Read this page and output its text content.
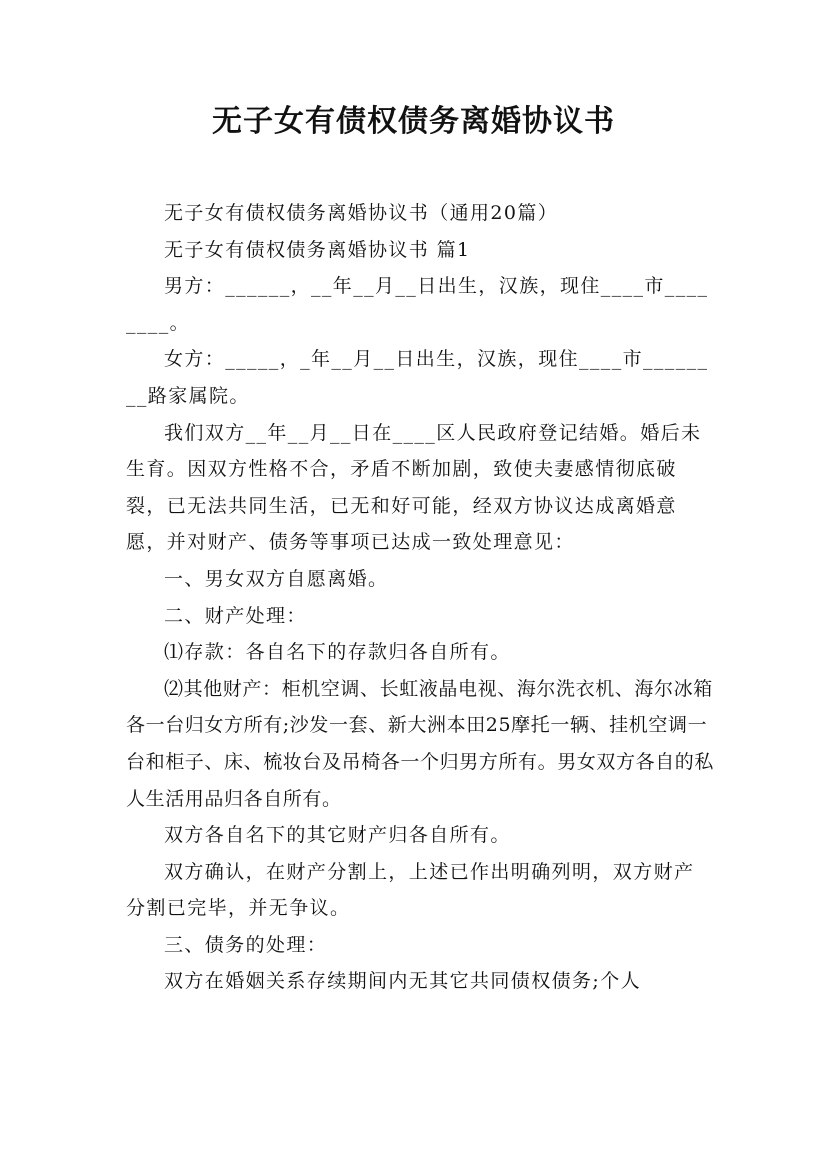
无子女有债权债务离婚协议书

无子女有债权债务离婚协议书（通用20篇）

无子女有债权债务离婚协议书 篇1

男方：______，__年__月__日出生，汉族，现住____市________。

女方：_____，_年__月__日出生，汉族，现住____市________路家属院。

我们双方__年__月__日在____区人民政府登记结婚。婚后未生育。因双方性格不合，矛盾不断加剧，致使夫妻感情彻底破裂，已无法共同生活，已无和好可能，经双方协议达成离婚意愿，并对财产、债务等事项已达成一致处理意见：

一、男女双方自愿离婚。

二、财产处理：

⑴存款：各自名下的存款归各自所有。

⑵其他财产：柜机空调、长虹液晶电视、海尔洗衣机、海尔冰箱各一台归女方所有;沙发一套、新大洲本田25摩托一辆、挂机空调一台和柜子、床、梳妆台及吊椅各一个归男方所有。男女双方各自的私人生活用品归各自所有。

双方各自名下的其它财产归各自所有。

双方确认，在财产分割上，上述已作出明确列明，双方财产分割已完毕，并无争议。

三、债务的处理：

双方在婚姻关系存续期间内无其它共同债权债务;个人
